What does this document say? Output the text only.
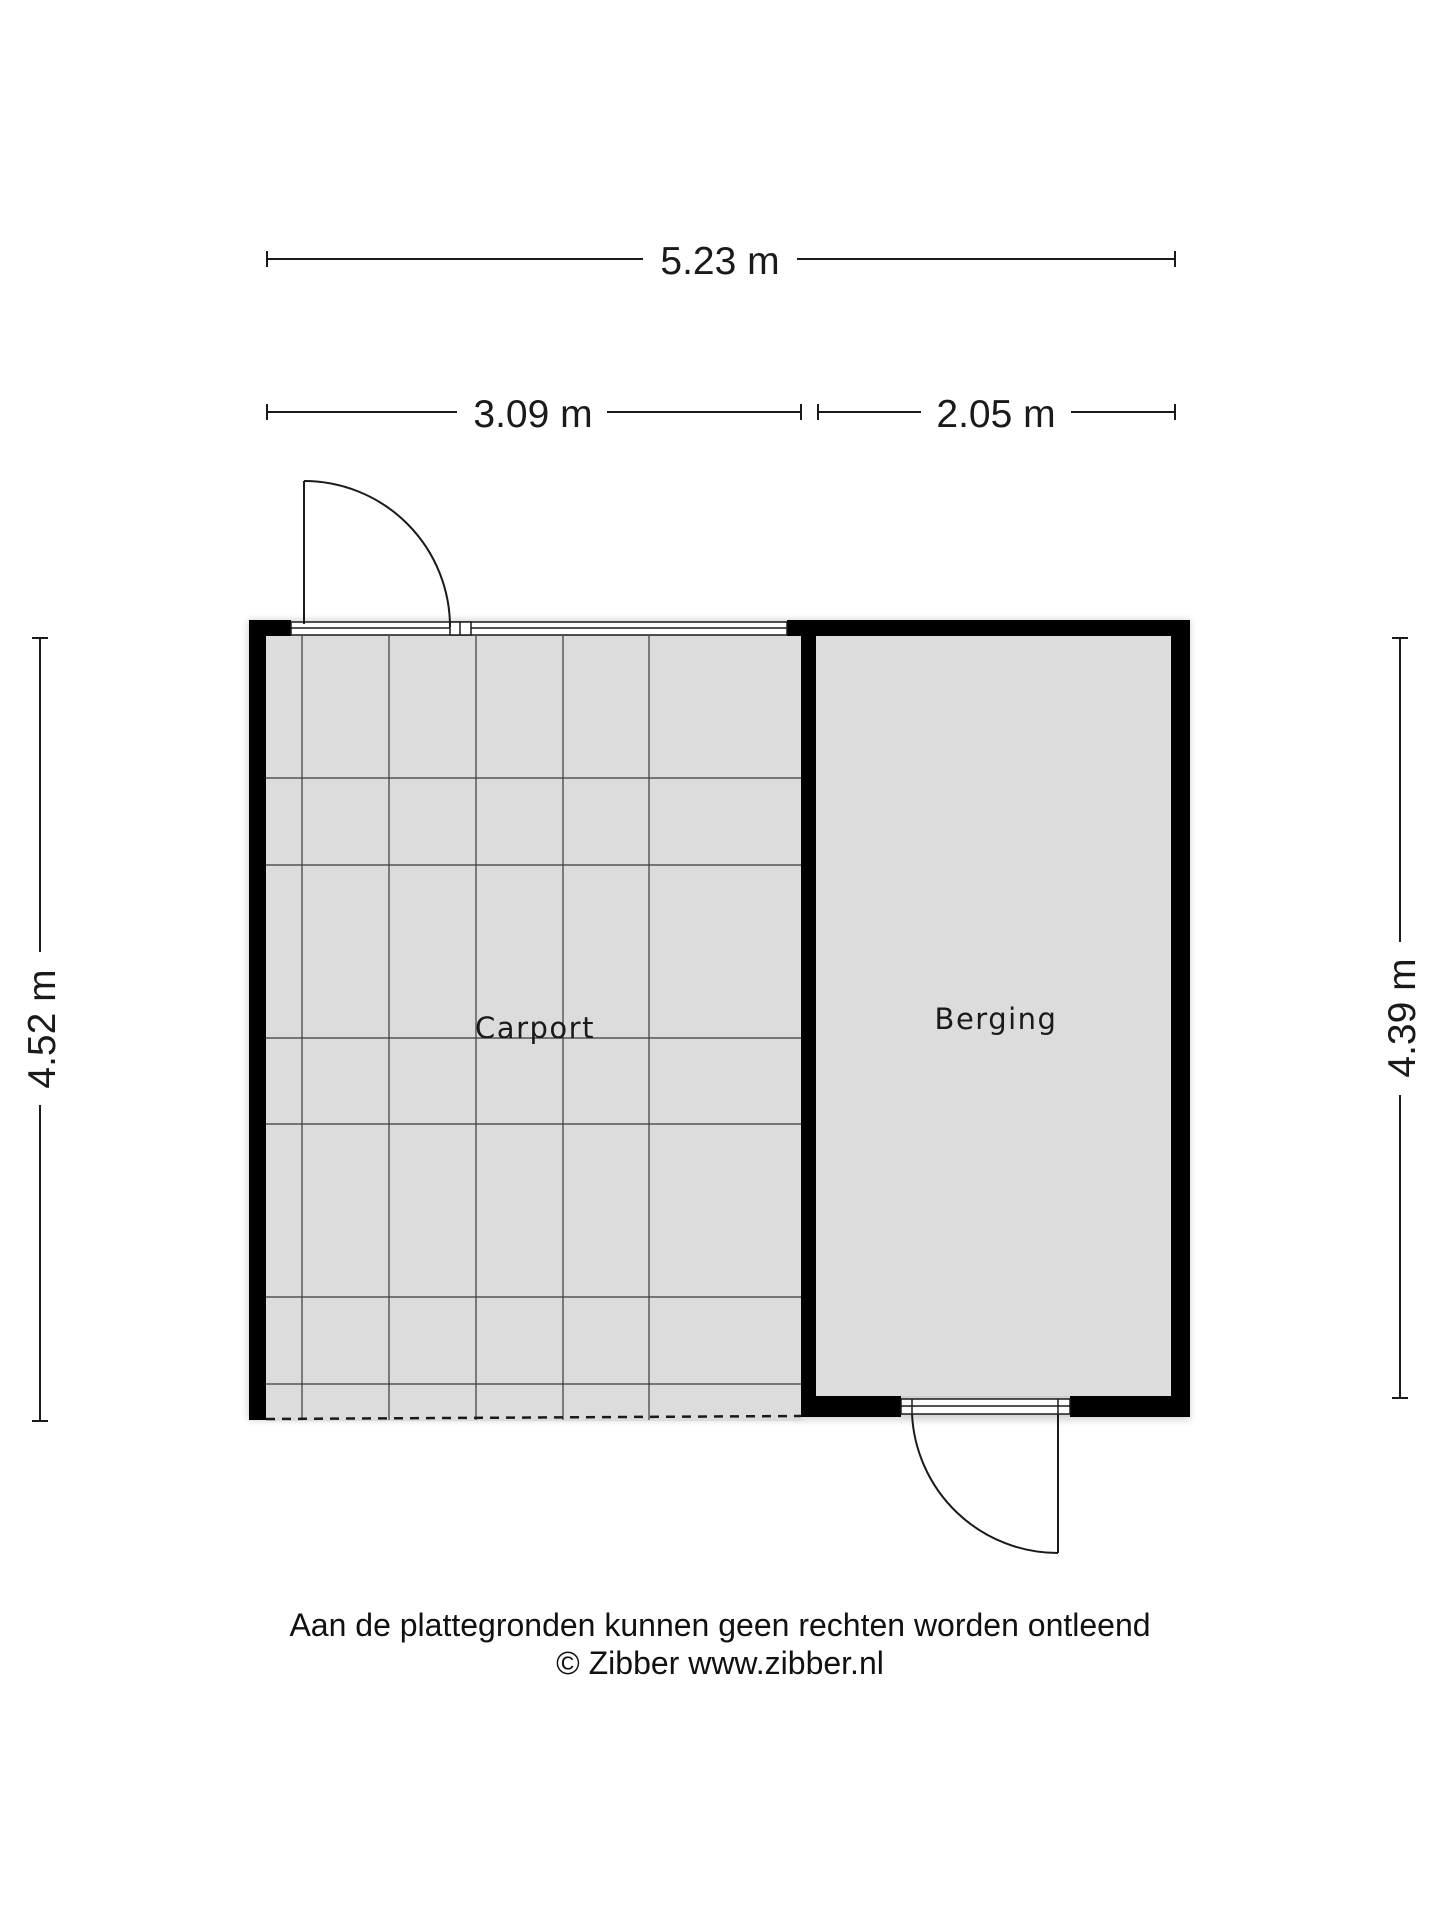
5.23 m
3.09 m	2.05 m
4.52 m	4.39 m
Carport	Berging
Aan de plattegronden kunnen geen rechten worden ontleend
© Zibber www.zibber.nl
